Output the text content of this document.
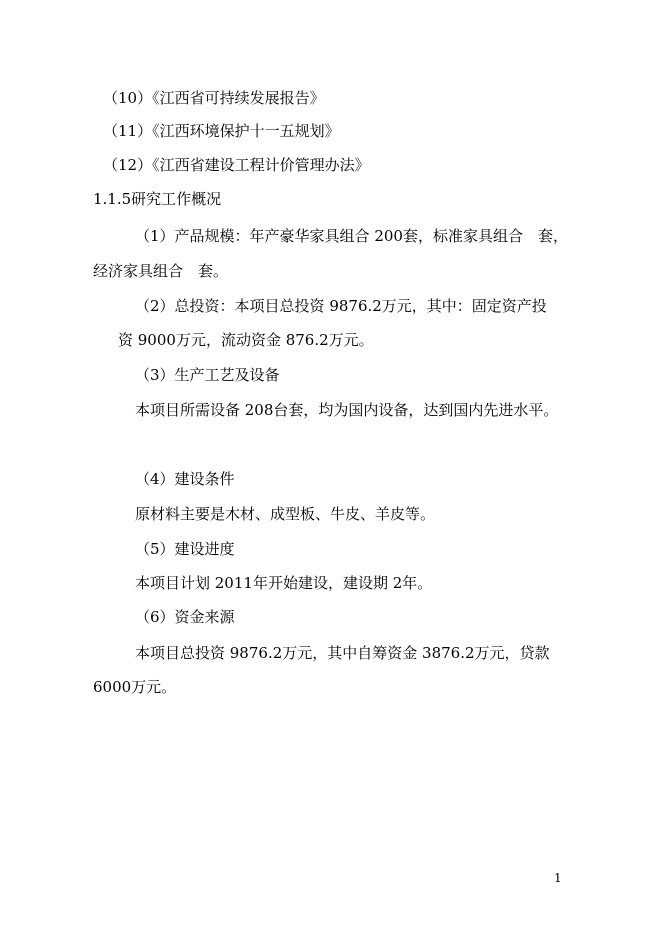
（10）《江西省可持续发展报告》
（11）《江西环境保护十一五规划》
（12）《江西省建设工程计价管理办法》
1.1.5研究工作概况
（1）产品规模：年产豪华家具组合 200套，标准家具组合　套，
经济家具组合　套。
（2）总投资：本项目总投资 9876.2万元，其中：固定资产投
资 9000万元，流动资金 876.2万元。
（3）生产工艺及设备
本项目所需设备 208台套，均为国内设备，达到国内先进水平。
（4）建设条件
原材料主要是木材、成型板、牛皮、羊皮等。
（5）建设进度
本项目计划 2011年开始建设，建设期 2年。
（6）资金来源
本项目总投资 9876.2万元，其中自筹资金 3876.2万元，贷款
6000万元。
1
